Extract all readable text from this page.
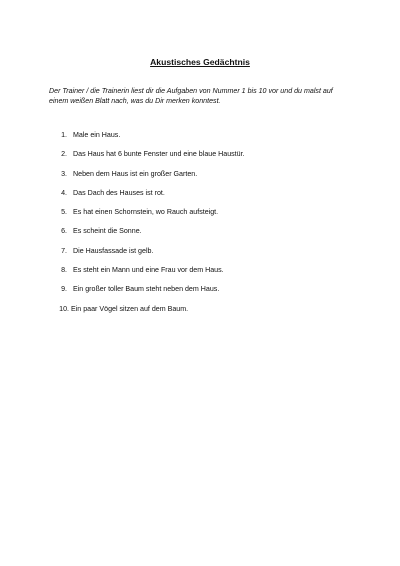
Akustisches Gedächtnis

Der Trainer / die Trainerin liest dir die Aufgaben von Nummer 1 bis 10 vor und du malst auf einem weißen Blatt nach, was du Dir merken konntest.

1. Male ein Haus.
2. Das Haus hat 6 bunte Fenster und eine blaue Haustür.
3. Neben dem Haus ist ein großer Garten.
4. Das Dach des Hauses ist rot.
5. Es hat einen Schornstein, wo Rauch aufsteigt.
6. Es scheint die Sonne.
7. Die Hausfassade ist gelb.
8. Es steht ein Mann und eine Frau vor dem Haus.
9. Ein großer toller Baum steht neben dem Haus.
10. Ein paar Vögel sitzen auf dem Baum.
